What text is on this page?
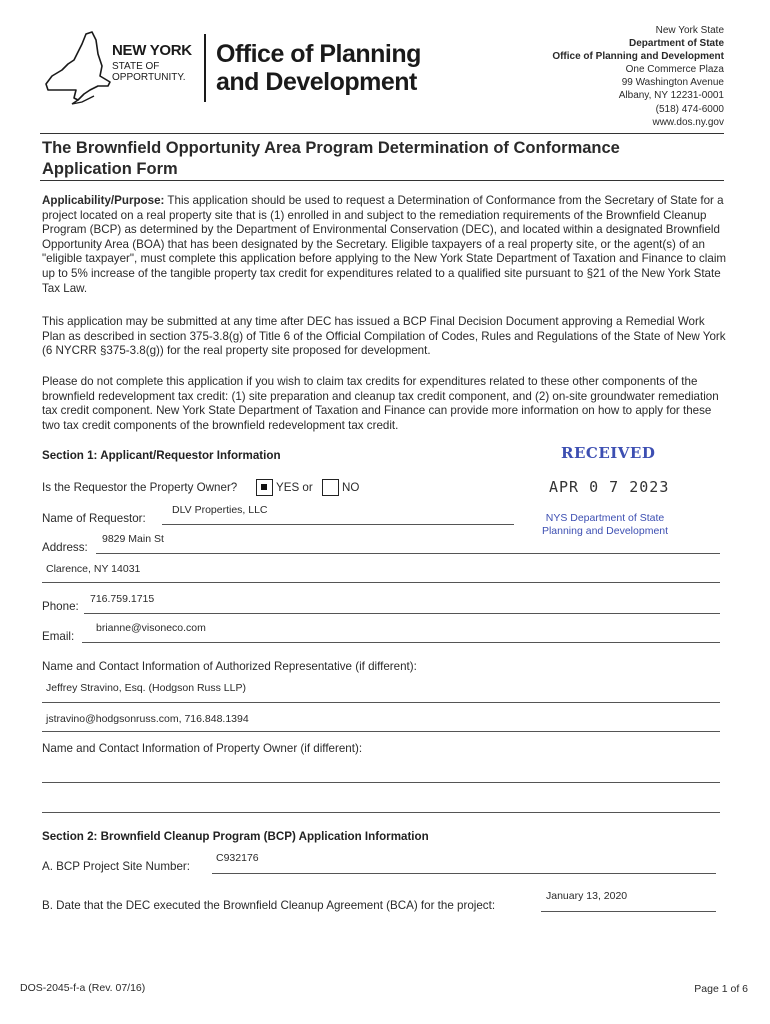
NEW YORK
STATE OF
OPPORTUNITY.
Office of Planning
and Development
New York State
Department of State
Office of Planning and Development
One Commerce Plaza
99 Washington Avenue
Albany, NY 12231-0001
(518) 474-6000
www.dos.ny.gov
The Brownfield Opportunity Area Program Determination of Conformance
Application Form
Applicability/Purpose: This application should be used to request a Determination of Conformance from the Secretary of State for a project located on a real property site that is (1) enrolled in and subject to the remediation requirements of the Brownfield Cleanup Program (BCP) as determined by the Department of Environmental Conservation (DEC), and located within a designated Brownfield Opportunity Area (BOA) that has been designated by the Secretary. Eligible taxpayers of a real property site, or the agent(s) of an "eligible taxpayer", must complete this application before applying to the New York State Department of Taxation and Finance to claim up to 5% increase of the tangible property tax credit for expenditures related to a qualified site pursuant to §21 of the New York State Tax Law.
This application may be submitted at any time after DEC has issued a BCP Final Decision Document approving a Remedial Work Plan as described in section 375-3.8(g) of Title 6 of the Official Compilation of Codes, Rules and Regulations of the State of New York (6 NYCRR §375-3.8(g)) for the real property site proposed for development.
Please do not complete this application if you wish to claim tax credits for expenditures related to these other components of the brownfield redevelopment tax credit: (1) site preparation and cleanup tax credit component, and (2) on-site groundwater remediation tax credit component. New York State Department of Taxation and Finance can provide more information on how to apply for these two tax credit components of the brownfield redevelopment tax credit.
Section 1: Applicant/Requestor Information
Is the Requestor the Property Owner?	YES or	NO
Name of Requestor:
DLV Properties, LLC
Address:
9829 Main St
Clarence, NY 14031
Phone:
716.759.1715
Email:
brianne@visoneco.com
Name and Contact Information of Authorized Representative (if different):
Jeffrey Stravino, Esq. (Hodgson Russ LLP)
jstravino@hodgsonruss.com, 716.848.1394
Name and Contact Information of Property Owner (if different):
RECEIVED
APR 0 7 2023
NYS Department of State
Planning and Development
Section 2: Brownfield Cleanup Program (BCP) Application Information
A. BCP Project Site Number:
C932176
B. Date that the DEC executed the Brownfield Cleanup Agreement (BCA) for the project:
January 13, 2020
DOS-2045-f-a (Rev. 07/16)	Page 1 of 6
